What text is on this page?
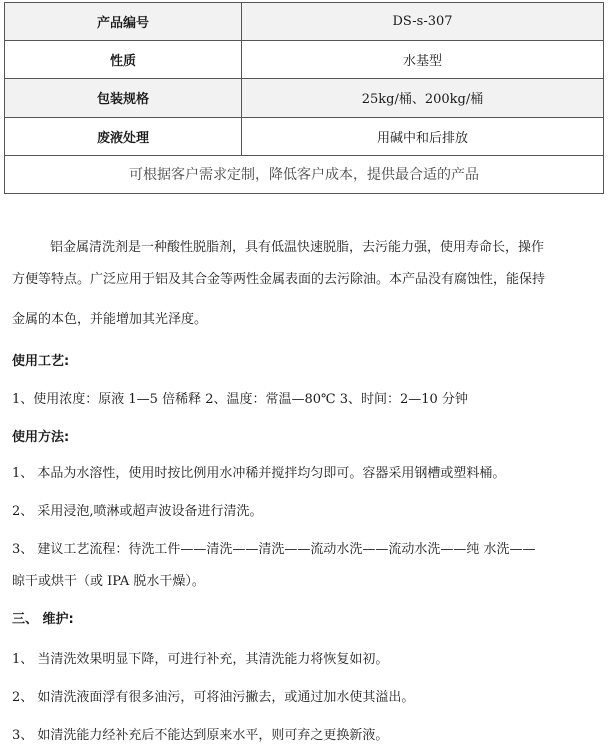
产品编号	DS-s-307
性质	水基型
包装规格	25kg/桶、200kg/桶
废液处理	用碱中和后排放
可根据客户需求定制，降低客户成本，提供最合适的产品	
铝金属清洗剂是一种酸性脱脂剂，具有低温快速脱脂，去污能力强，使用寿命长，操作
方便等特点。广泛应用于铝及其合金等两性金属表面的去污除油。本产品没有腐蚀性，能保持
金属的本色，并能增加其光泽度。
使用工艺:
1、使用浓度：原液 1—5 倍稀释 2、温度：常温—80℃ 3、时间：2—10 分钟
使用方法:
1、 本品为水溶性，使用时按比例用水冲稀并搅拌均匀即可。容器采用钢槽或塑料桶。
2、 采用浸泡,喷淋或超声波设备进行清洗。
3、 建议工艺流程：待洗工件——清洗——清洗——流动水洗——流动水洗——纯 水洗——
晾干或烘干（或 IPA 脱水干燥）。
三、 维护:
1、 当清洗效果明显下降，可进行补充，其清洗能力将恢复如初。
2、 如清洗液面浮有很多油污，可将油污撇去，或通过加水使其溢出。
3、 如清洗能力经补充后不能达到原来水平，则可弃之更换新液。
